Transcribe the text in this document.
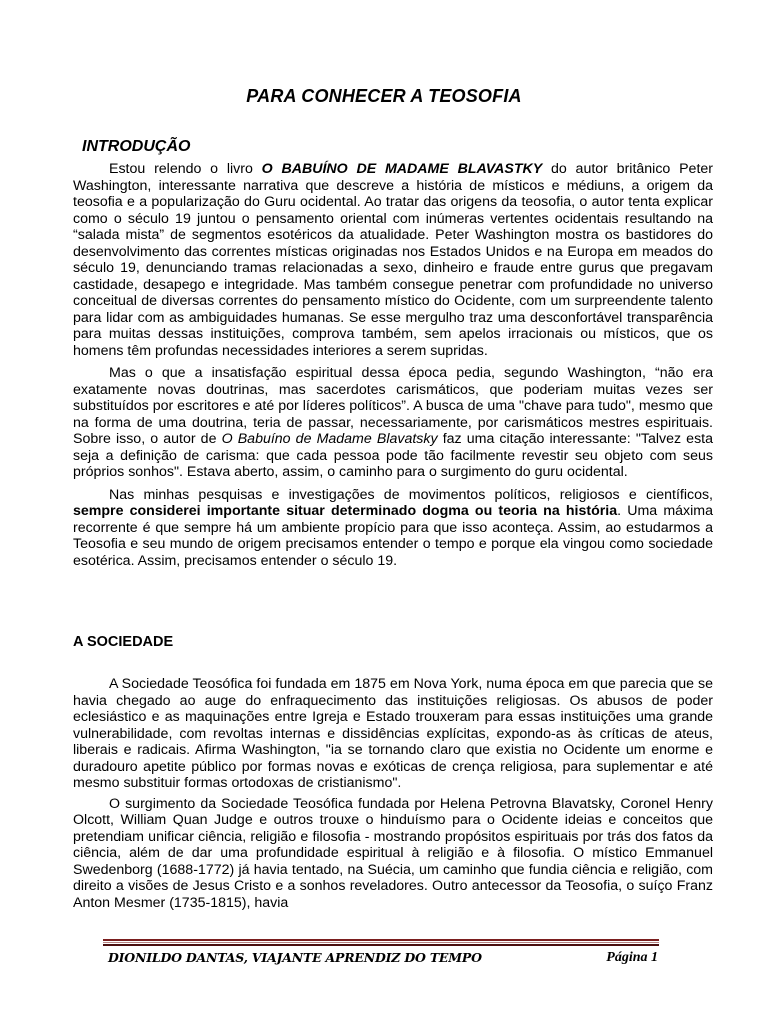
PARA CONHECER A TEOSOFIA
INTRODUÇÃO

Estou relendo o livro O BABUÍNO DE MADAME BLAVASTKY do autor britânico Peter Washington, interessante narrativa que descreve a história de místicos e médiuns, a origem da teosofia e a popularização do Guru ocidental. Ao tratar das origens da teosofia, o autor tenta explicar como o século 19 juntou o pensamento oriental com inúmeras vertentes ocidentais resultando na “salada mista” de segmentos esotéricos da atualidade. Peter Washington mostra os bastidores do desenvolvimento das correntes místicas originadas nos Estados Unidos e na Europa em meados do século 19, denunciando tramas relacionadas a sexo, dinheiro e fraude entre gurus que pregavam castidade, desapego e integridade. Mas também consegue penetrar com profundidade no universo conceitual de diversas correntes do pensamento místico do Ocidente, com um surpreendente talento para lidar com as ambiguidades humanas. Se esse mergulho traz uma desconfortável transparência para muitas dessas instituições, comprova também, sem apelos irracionais ou místicos, que os homens têm profundas necessidades interiores a serem supridas.

Mas o que a insatisfação espiritual dessa época pedia, segundo Washington, “não era exatamente novas doutrinas, mas sacerdotes carismáticos, que poderiam muitas vezes ser substituídos por escritores e até por líderes políticos”. A busca de uma "chave para tudo", mesmo que na forma de uma doutrina, teria de passar, necessariamente, por carismáticos mestres espirituais. Sobre isso, o autor de O Babuíno de Madame Blavatsky faz uma citação interessante: "Talvez esta seja a definição de carisma: que cada pessoa pode tão facilmente revestir seu objeto com seus próprios sonhos". Estava aberto, assim, o caminho para o surgimento do guru ocidental.

Nas minhas pesquisas e investigações de movimentos políticos, religiosos e científicos, sempre considerei importante situar determinado dogma ou teoria na história. Uma máxima recorrente é que sempre há um ambiente propício para que isso aconteça. Assim, ao estudarmos a Teosofia e seu mundo de origem precisamos entender o tempo e porque ela vingou como sociedade esotérica. Assim, precisamos entender o século 19.

A SOCIEDADE

A Sociedade Teosófica foi fundada em 1875 em Nova York, numa época em que parecia que se havia chegado ao auge do enfraquecimento das instituições religiosas. Os abusos de poder eclesiástico e as maquinações entre Igreja e Estado trouxeram para essas instituições uma grande vulnerabilidade, com revoltas internas e dissidências explícitas, expondo-as às críticas de ateus, liberais e radicais. Afirma Washington, "ia se tornando claro que existia no Ocidente um enorme e duradouro apetite público por formas novas e exóticas de crença religiosa, para suplementar e até mesmo substituir formas ortodoxas de cristianismo".

O surgimento da Sociedade Teosófica fundada por Helena Petrovna Blavatsky, Coronel Henry Olcott, William Quan Judge e outros trouxe o hinduísmo para o Ocidente ideias e conceitos que pretendiam unificar ciência, religião e filosofia - mostrando propósitos espirituais por trás dos fatos da ciência, além de dar uma profundidade espiritual à religião e à filosofia. O místico Emmanuel Swedenborg (1688-1772) já havia tentado, na Suécia, um caminho que fundia ciência e religião, com direito a visões de Jesus Cristo e a sonhos reveladores. Outro antecessor da Teosofia, o suíço Franz Anton Mesmer (1735-1815), havia

DIONILDO DANTAS, VIAJANTE APRENDIZ DO TEMPO	Página 1
